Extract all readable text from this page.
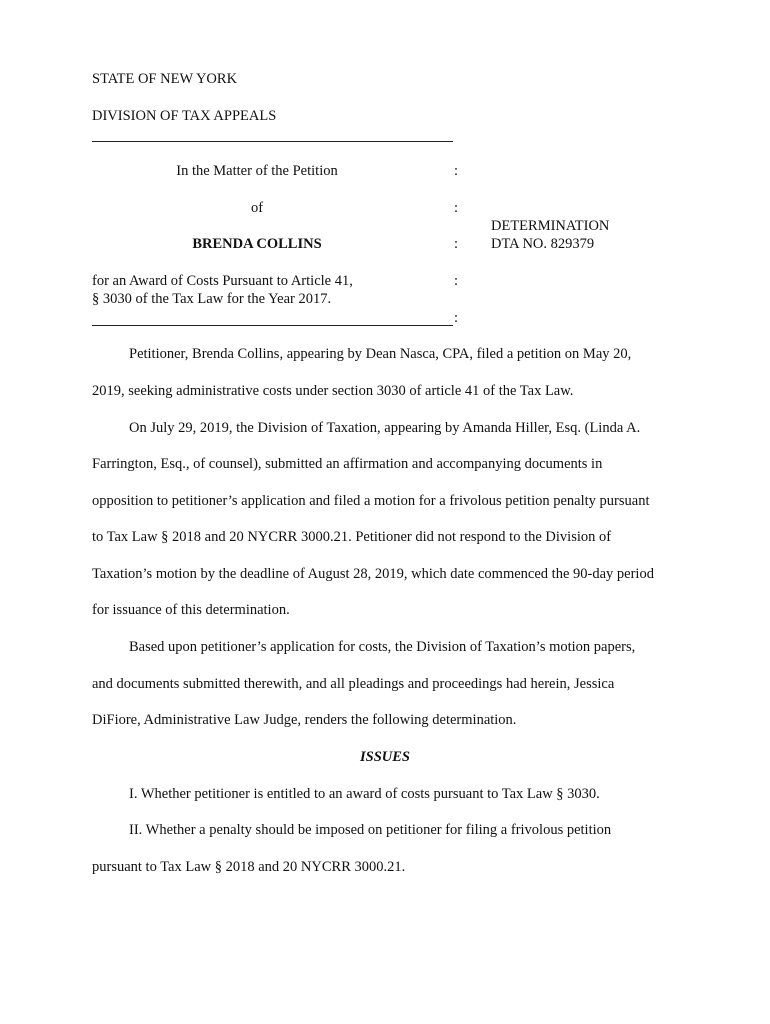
STATE OF NEW YORK
DIVISION OF TAX APPEALS
In the Matter of the Petition
of
BRENDA COLLINS
for an Award of Costs Pursuant to Article 41,
§ 3030 of the Tax Law for the Year 2017.
:
:
:
:
:
DETERMINATION
DTA NO. 829379
Petitioner, Brenda Collins, appearing by Dean Nasca, CPA, filed a petition on May 20,
2019, seeking administrative costs under section 3030 of article 41 of the Tax Law.
On July 29, 2019, the Division of Taxation, appearing by Amanda Hiller, Esq. (Linda A.
Farrington, Esq., of counsel), submitted an affirmation and accompanying documents in
opposition to petitioner’s application and filed a motion for a frivolous petition penalty pursuant
to Tax Law § 2018 and 20 NYCRR 3000.21. Petitioner did not respond to the Division of
Taxation’s motion by the deadline of August 28, 2019, which date commenced the 90-day period
for issuance of this determination.
Based upon petitioner’s application for costs, the Division of Taxation’s motion papers,
and documents submitted therewith, and all pleadings and proceedings had herein, Jessica
DiFiore, Administrative Law Judge, renders the following determination.
ISSUES
I. Whether petitioner is entitled to an award of costs pursuant to Tax Law § 3030.
II. Whether a penalty should be imposed on petitioner for filing a frivolous petition
pursuant to Tax Law § 2018 and 20 NYCRR 3000.21.
